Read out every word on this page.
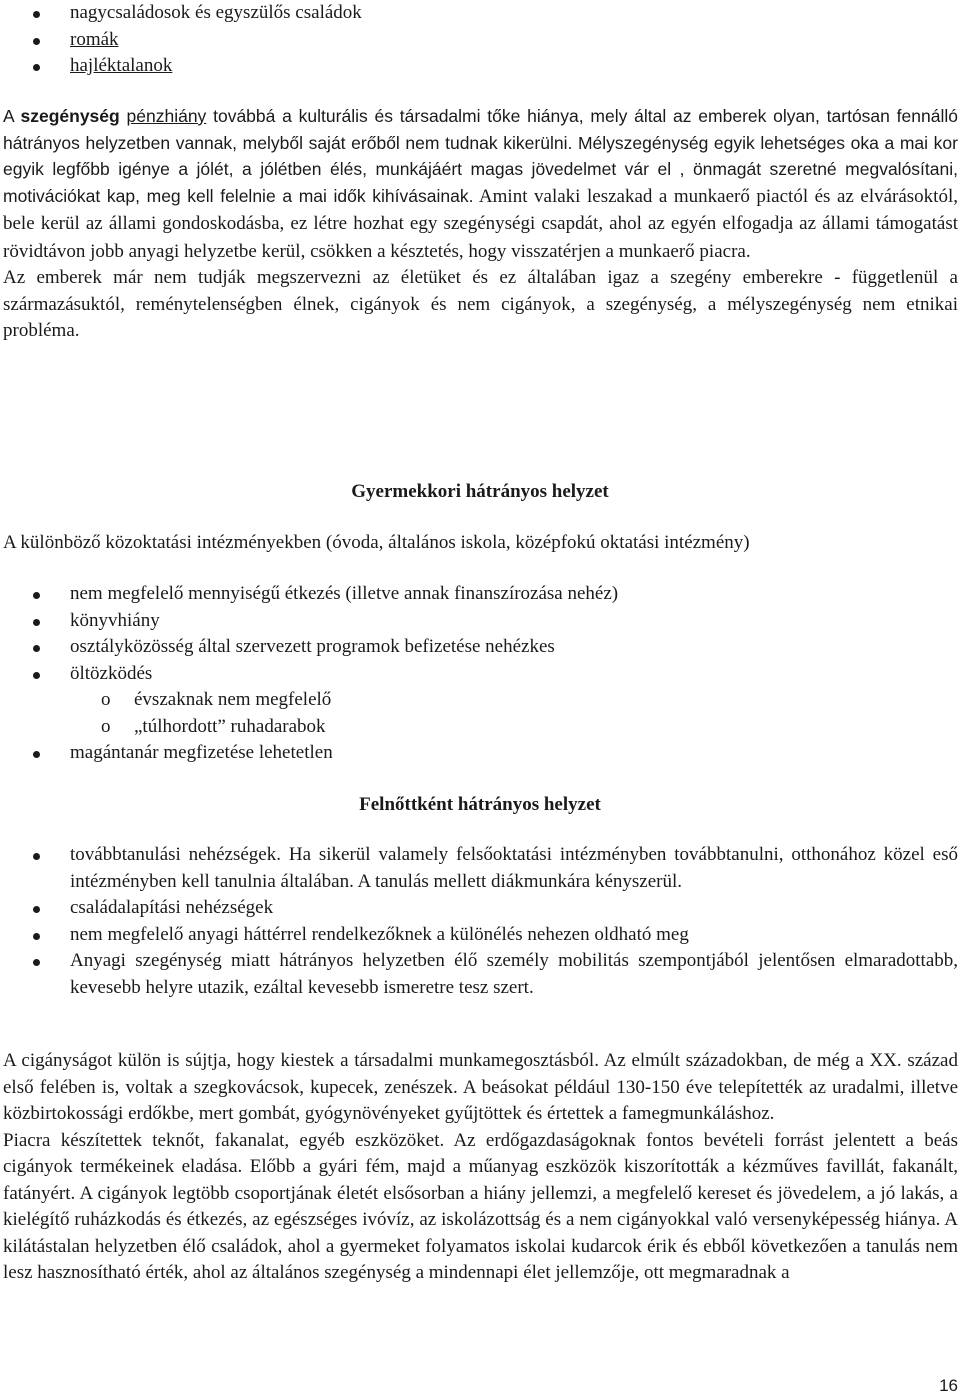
nagycsaládosok és egyszülős családok
romák
hajléktalanok

A szegénység pénzhiány továbbá a kulturális és társadalmi tőke hiánya, mely által az emberek olyan, tartósan fennálló hátrányos helyzetben vannak, melyből saját erőből nem tudnak kikerülni. Mélyszegénység egyik lehetséges oka a mai kor egyik legfőbb igénye a jólét, a jólétben élés, munkájáért magas jövedelmet vár el , önmagát szeretné megvalósítani, motivációkat kap, meg kell felelnie a mai idők kihívásainak. Amint valaki leszakad a munkaerő piactól és az elvárásoktól, bele kerül az állami gondoskodásba, ez létre hozhat egy szegénységi csapdát, ahol az egyén elfogadja az állami támogatást rövidtávon jobb anyagi helyzetbe kerül, csökken a késztetés, hogy visszatérjen a munkaerő piacra.

Az emberek már nem tudják megszervezni az életüket és ez általában igaz a szegény emberekre - függetlenül a származásuktól, reménytelenségben élnek, cigányok és nem cigányok, a szegénység, a mélyszegénység nem etnikai probléma.

Gyermekkori hátrányos helyzet

A különböző közoktatási intézményekben (óvoda, általános iskola, középfokú oktatási intézmény)

nem megfelelő mennyiségű étkezés (illetve annak finanszírozása nehéz)
könyvhiány
osztályközösség által szervezett programok befizetése nehézkes
öltözködés
o évszaknak nem megfelelő
o „túlhordott” ruhadarabok
magántanár megfizetése lehetetlen
Felnőttként hátrányos helyzet
továbbtanulási nehézségek. Ha sikerül valamely felsőoktatási intézményben továbbtanulni, otthonához közel eső intézményben kell tanulnia általában. A tanulás mellett diákmunkára kényszerül.
családalapítási nehézségek
nem megfelelő anyagi háttérrel rendelkezőknek a különélés nehezen oldható meg
Anyagi szegénység miatt hátrányos helyzetben élő személy mobilitás szempontjából jelentősen elmaradottabb, kevesebb helyre utazik, ezáltal kevesebb ismeretre tesz szert.

A cigányságot külön is sújtja, hogy kiestek a társadalmi munkamegosztásból. Az elmúlt századokban, de még a XX. század első felében is, voltak a szegkovácsok, kupecek, zenészek. A beásokat például 130-150 éve telepítették az uradalmi, illetve közbirtokossági erdőkbe, mert gombát, gyógynövényeket gyűjtöttek és értettek a famegmunkáláshoz.

Piacra készítettek teknőt, fakanalat, egyéb eszközöket. Az erdőgazdaságoknak fontos bevételi forrást jelentett a beás cigányok termékeinek eladása. Előbb a gyári fém, majd a műanyag eszközök kiszorították a kézműves favillát, fakanált, fatányért. A cigányok legtöbb csoportjának életét elsősorban a hiány jellemzi, a megfelelő kereset és jövedelem, a jó lakás, a kielégítő ruházkodás és étkezés, az egészséges ivóvíz, az iskolázottság és a nem cigányokkal való versenyképesség hiánya. A kilátástalan helyzetben élő családok, ahol a gyermeket folyamatos iskolai kudarcok érik és ebből következően a tanulás nem lesz hasznosítható érték, ahol az általános szegénység a mindennapi élet jellemzője, ott megmaradnak a

16
